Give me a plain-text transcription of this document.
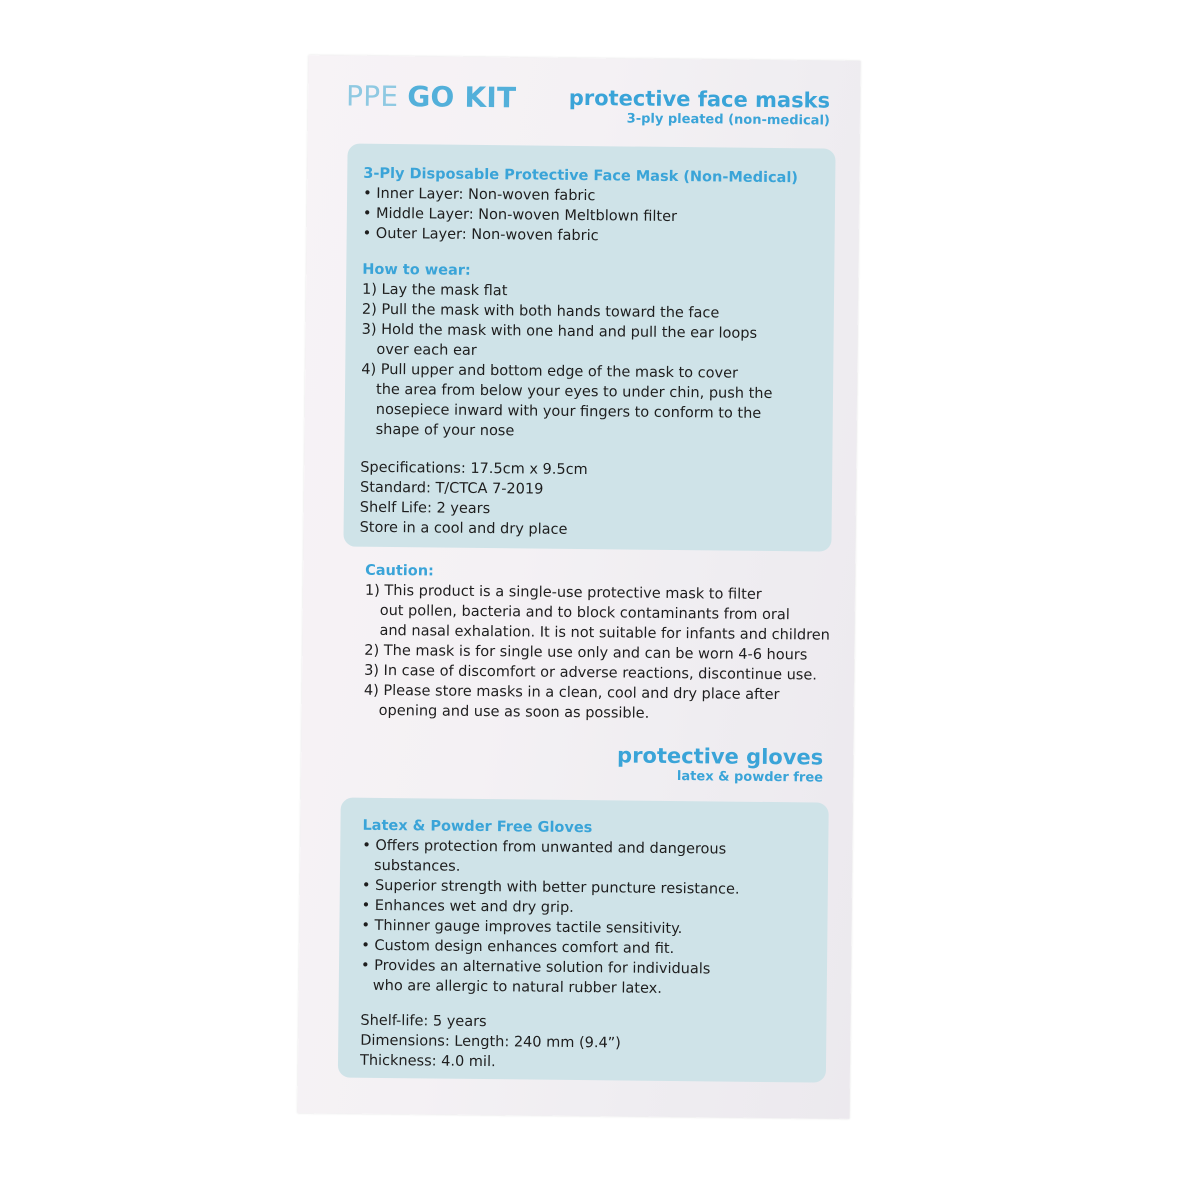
PPE GO KIT protective face masks
3-ply pleated (non-medical)
3-Ply Disposable Protective Face Mask (Non-Medical)
• Inner Layer: Non-woven fabric
• Middle Layer: Non-woven Meltblown filter
• Outer Layer: Non-woven fabric
How to wear:
1) Lay the mask flat
2) Pull the mask with both hands toward the face
3) Hold the mask with one hand and pull the ear loops
over each ear
4) Pull upper and bottom edge of the mask to cover
the area from below your eyes to under chin, push the
nosepiece inward with your fingers to conform to the
shape of your nose
Specifications: 17.5cm x 9.5cm
Standard: T/CTCA 7-2019
Shelf Life: 2 years
Store in a cool and dry place
Caution:
1) This product is a single-use protective mask to filter
out pollen, bacteria and to block contaminants from oral
and nasal exhalation. It is not suitable for infants and children
2) The mask is for single use only and can be worn 4-6 hours
3) In case of discomfort or adverse reactions, discontinue use.
4) Please store masks in a clean, cool and dry place after
opening and use as soon as possible.
protective gloves
latex & powder free
Latex & Powder Free Gloves
• Offers protection from unwanted and dangerous
substances.
• Superior strength with better puncture resistance.
• Enhances wet and dry grip.
• Thinner gauge improves tactile sensitivity.
• Custom design enhances comfort and fit.
• Provides an alternative solution for individuals
who are allergic to natural rubber latex.
Shelf-life: 5 years
Dimensions: Length: 240 mm (9.4”)
Thickness: 4.0 mil.
